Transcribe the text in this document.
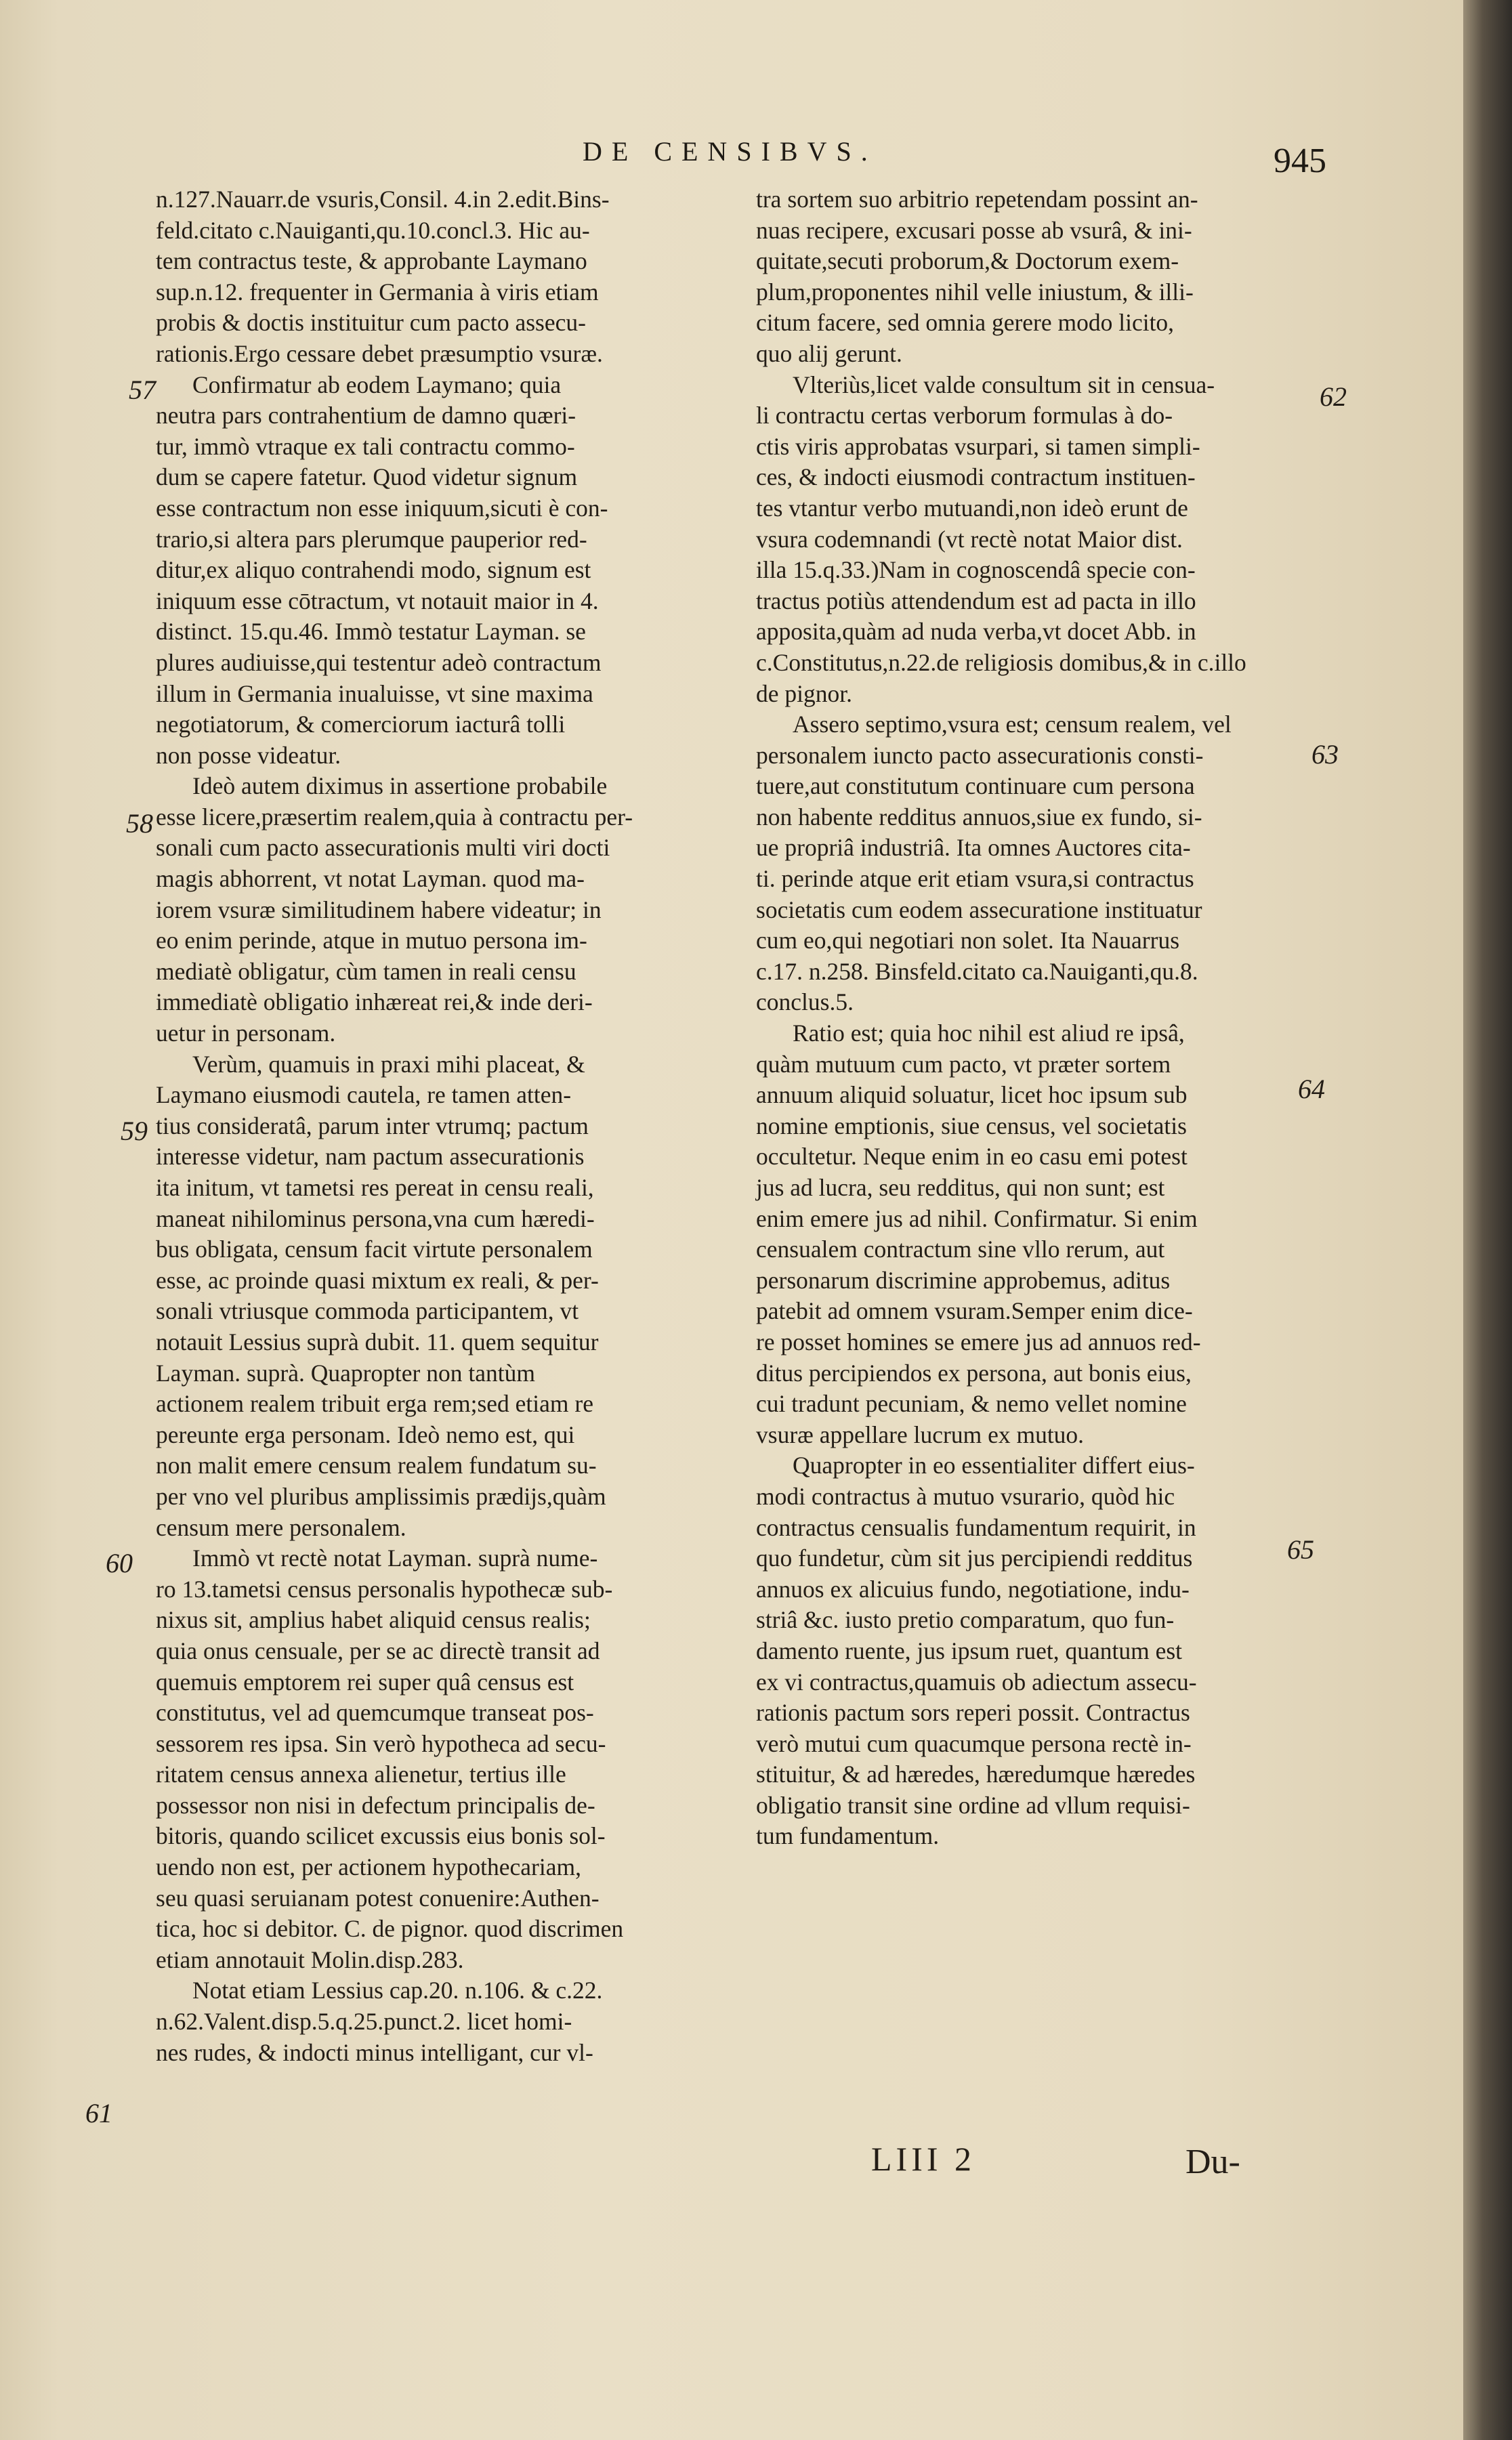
DE CENSIBVS.	945
n.127.Nauarr.de vsuris,Consil. 4.in 2.edit.Bins-
feld.citato c.Nauiganti,qu.10.concl.3. Hic au-
tem contractus teste, & approbante Laymano
sup.n.12. frequenter in Germania à viris etiam
probis & doctis instituitur cum pacto assecu-
rationis.Ergo cessare debet præsumptio vsuræ.
Confirmatur ab eodem Laymano; quia
neutra pars contrahentium de damno quæri-
tur, immò vtraque ex tali contractu commo-
dum se capere fatetur. Quod videtur signum
esse contractum non esse iniquum,sicuti è con-
trario,si altera pars plerumque pauperior red-
ditur,ex aliquo contrahendi modo, signum est
iniquum esse cōtractum, vt notauit maior in 4.
distinct. 15.qu.46. Immò testatur Layman. se
plures audiuisse,qui testentur adeò contractum
illum in Germania inualuisse, vt sine maxima
negotiatorum, & comerciorum iacturâ tolli
non posse videatur.
Ideò autem diximus in assertione probabile
esse licere,præsertim realem,quia à contractu per-
sonali cum pacto assecurationis multi viri docti
magis abhorrent, vt notat Layman. quod ma-
iorem vsuræ similitudinem habere videatur; in
eo enim perinde, atque in mutuo persona im-
mediatè obligatur, cùm tamen in reali censu
immediatè obligatio inhæreat rei,& inde deri-
uetur in personam.
Verùm, quamuis in praxi mihi placeat, &
Laymano eiusmodi cautela, re tamen atten-
tius consideratâ, parum inter vtrumq; pactum
interesse videtur, nam pactum assecurationis
ita initum, vt tametsi res pereat in censu reali,
maneat nihilominus persona,vna cum hæredi-
bus obligata, censum facit virtute personalem
esse, ac proinde quasi mixtum ex reali, & per-
sonali vtriusque commoda participantem, vt
notauit Lessius suprà dubit. 11. quem sequitur
Layman. suprà. Quapropter non tantùm
actionem realem tribuit erga rem;sed etiam re
pereunte erga personam. Ideò nemo est, qui
non malit emere censum realem fundatum su-
per vno vel pluribus amplissimis prædijs,quàm
censum mere personalem.
Immò vt rectè notat Layman. suprà nume-
ro 13.tametsi census personalis hypothecæ sub-
nixus sit, amplius habet aliquid census realis;
quia onus censuale, per se ac directè transit ad
quemuis emptorem rei super quâ census est
constitutus, vel ad quemcumque transeat pos-
sessorem res ipsa. Sin verò hypotheca ad secu-
ritatem census annexa alienetur, tertius ille
possessor non nisi in defectum principalis de-
bitoris, quando scilicet excussis eius bonis sol-
uendo non est, per actionem hypothecariam,
seu quasi seruianam potest conuenire:Authen-
tica, hoc si debitor. C. de pignor. quod discrimen
etiam annotauit Molin.disp.283.
Notat etiam Lessius cap.20. n.106. & c.22.
n.62.Valent.disp.5.q.25.punct.2. licet homi-
nes rudes, & indocti minus intelligant, cur vl-
tra sortem suo arbitrio repetendam possint an-
nuas recipere, excusari posse ab vsurâ, & ini-
quitate,secuti proborum,& Doctorum exem-
plum,proponentes nihil velle iniustum, & illi-
citum facere, sed omnia gerere modo licito,
quo alij gerunt.
Vlteriùs,licet valde consultum sit in censua-
li contractu certas verborum formulas à do-
ctis viris approbatas vsurpari, si tamen simpli-
ces, & indocti eiusmodi contractum instituen-
tes vtantur verbo mutuandi,non ideò erunt de
vsura codemnandi (vt rectè notat Maior dist.
illa 15.q.33.)Nam in cognoscendâ specie con-
tractus potiùs attendendum est ad pacta in illo
apposita,quàm ad nuda verba,vt docet Abb. in
c.Constitutus,n.22.de religiosis domibus,& in c.illo
de pignor.
Assero septimo,vsura est; censum realem, vel
personalem iuncto pacto assecurationis consti-
tuere,aut constitutum continuare cum persona
non habente redditus annuos,siue ex fundo, si-
ue propriâ industriâ. Ita omnes Auctores cita-
ti. perinde atque erit etiam vsura,si contractus
societatis cum eodem assecuratione instituatur
cum eo,qui negotiari non solet. Ita Nauarrus
c.17. n.258. Binsfeld.citato ca.Nauiganti,qu.8.
conclus.5.
Ratio est; quia hoc nihil est aliud re ipsâ,
quàm mutuum cum pacto, vt præter sortem
annuum aliquid soluatur, licet hoc ipsum sub
nomine emptionis, siue census, vel societatis
occultetur. Neque enim in eo casu emi potest
jus ad lucra, seu redditus, qui non sunt; est
enim emere jus ad nihil. Confirmatur. Si enim
censualem contractum sine vllo rerum, aut
personarum discrimine approbemus, aditus
patebit ad omnem vsuram.Semper enim dice-
re posset homines se emere jus ad annuos red-
ditus percipiendos ex persona, aut bonis eius,
cui tradunt pecuniam, & nemo vellet nomine
vsuræ appellare lucrum ex mutuo.
Quapropter in eo essentialiter differt eius-
modi contractus à mutuo vsurario, quòd hic
contractus censualis fundamentum requirit, in
quo fundetur, cùm sit jus percipiendi redditus
annuos ex alicuius fundo, negotiatione, indu-
striâ &c. iusto pretio comparatum, quo fun-
damento ruente, jus ipsum ruet, quantum est
ex vi contractus,quamuis ob adiectum assecu-
rationis pactum sors reperi possit. Contractus
verò mutui cum quacumque persona rectè in-
stituitur, & ad hæredes, hæredumque hæredes
obligatio transit sine ordine ad vllum requisi-
tum fundamentum.
57
58
59
60
61
62
63
64
65
LIII 2	Du-
